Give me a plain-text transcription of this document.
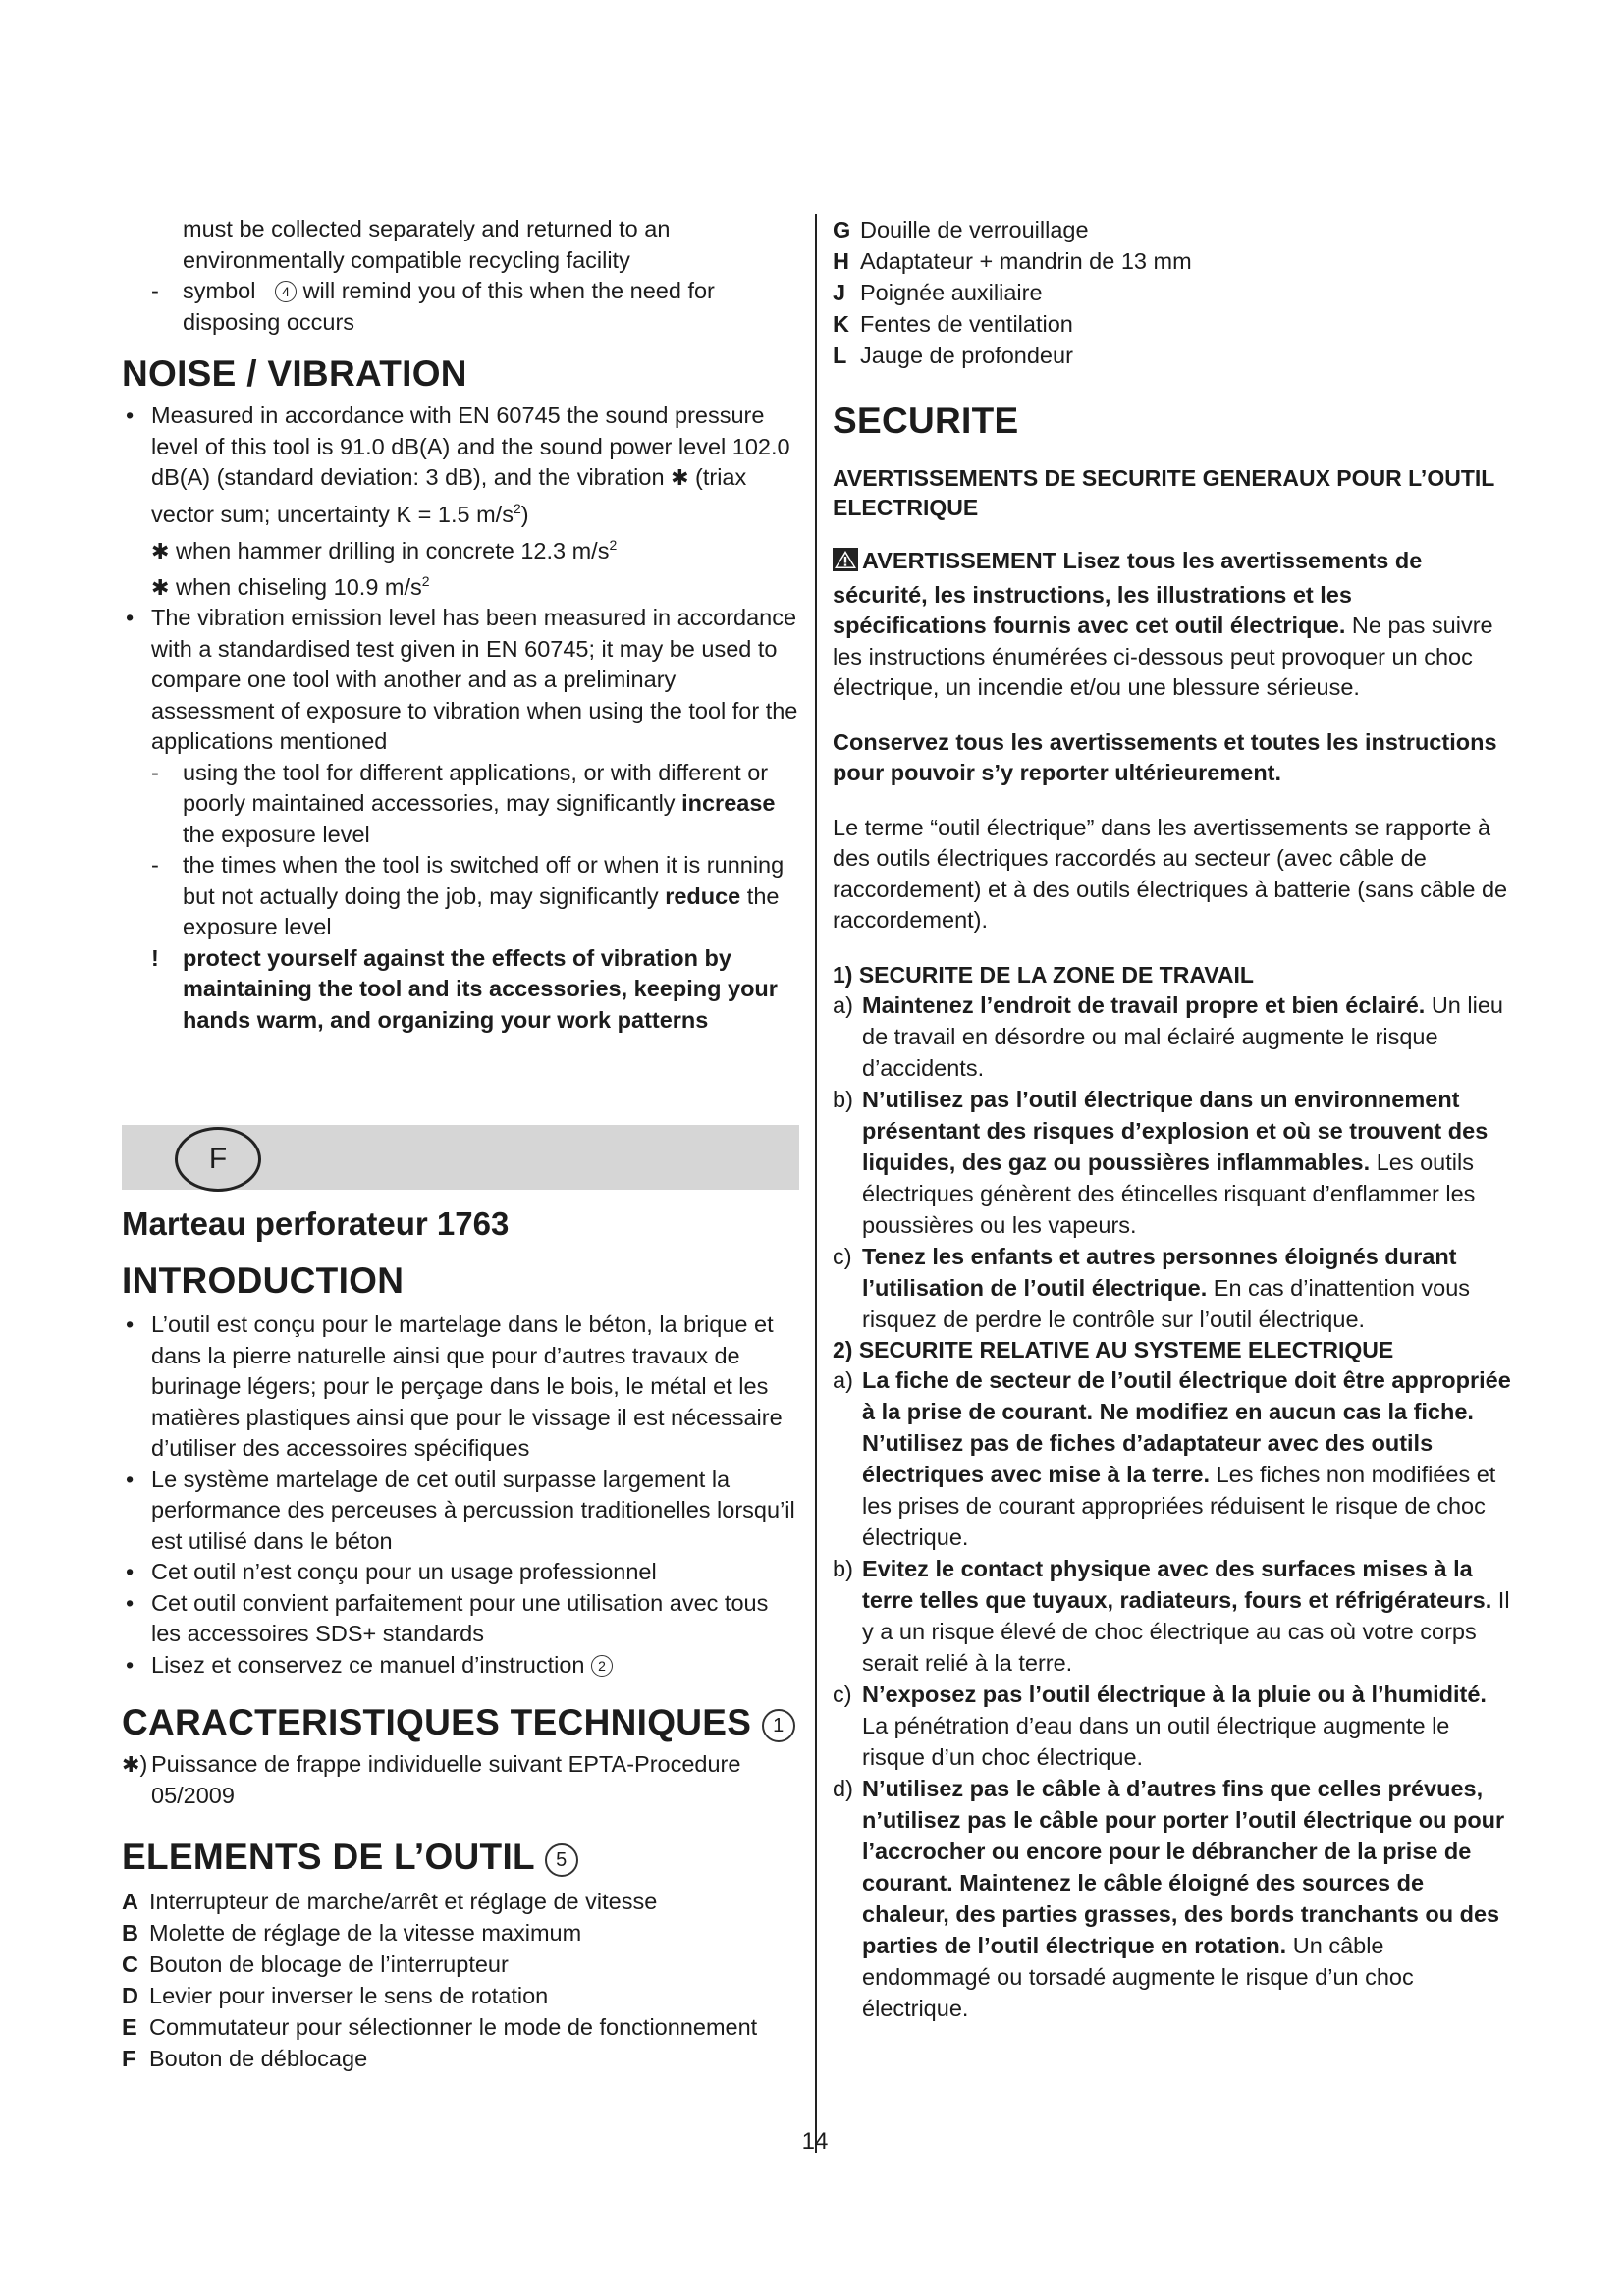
must be collected separately and returned to an environmentally compatible recycling facility

- symbol 4 will remind you of this when the need for disposing occurs
NOISE / VIBRATION
• Measured in accordance with EN 60745 the sound pressure level of this tool is 91.0 dB(A) and the sound power level 102.0 dB(A) (standard deviation: 3 dB), and the vibration ✱ (triax vector sum; uncertainty K = 1.5 $m/s^2$)
✱ when hammer drilling in concrete 12.3 $m/s^2$
✱ when chiseling 10.9 $m/s^2$
• The vibration emission level has been measured in accordance with a standardised test given in EN 60745; it may be used to compare one tool with another and as a preliminary assessment of exposure to vibration when using the tool for the applications mentioned
- using the tool for different applications, or with different or poorly maintained accessories, may significantly increase the exposure level
- the times when the tool is switched off or when it is running but not actually doing the job, may significantly reduce the exposure level
! protect yourself against the effects of vibration by maintaining the tool and its accessories, keeping your hands warm, and organizing your work patterns
F
Marteau perforateur 1763
INTRODUCTION
• L’outil est conçu pour le martelage dans le béton, la brique et dans la pierre naturelle ainsi que pour d’autres travaux de burinage légers; pour le perçage dans le bois, le métal et les matières plastiques ainsi que pour le vissage il est nécessaire d’utiliser des accessoires spécifiques
• Le système martelage de cet outil surpasse largement la performance des perceuses à percussion traditionelles lorsqu’il est utilisé dans le béton
• Cet outil n’est conçu pour un usage professionnel
• Cet outil convient parfaitement pour une utilisation avec tous les accessoires SDS+ standards
• Lisez et conservez ce manuel d’instruction 2
CARACTERISTIQUES TECHNIQUES 1
✱) Puissance de frappe individuelle suivant EPTA-Procedure 05/2009
ELEMENTS DE L’OUTIL 5
A Interrupteur de marche/arrêt et réglage de vitesse
B Molette de réglage de la vitesse maximum
C Bouton de blocage de l’interrupteur
D Levier pour inverser le sens de rotation
E Commutateur pour sélectionner le mode de fonctionnement
F Bouton de déblocage
G Douille de verrouillage
H Adaptateur + mandrin de 13 mm
J Poignée auxiliaire
K Fentes de ventilation
L Jauge de profondeur
SECURITE
AVERTISSEMENTS DE SECURITE GENERAUX POUR L’OUTIL ELECTRIQUE

AVERTISSEMENT Lisez tous les avertissements de sécurité, les instructions, les illustrations et les spécifications fournis avec cet outil électrique. Ne pas suivre les instructions énumérées ci-dessous peut provoquer un choc électrique, un incendie et/ou une blessure sérieuse.

Conservez tous les avertissements et toutes les instructions pour pouvoir s’y reporter ultérieurement.

Le terme “outil électrique” dans les avertissements se rapporte à des outils électriques raccordés au secteur (avec câble de raccordement) et à des outils électriques à batterie (sans câble de raccordement).

1) SECURITE DE LA ZONE DE TRAVAIL
a) Maintenez l’endroit de travail propre et bien éclairé. Un lieu de travail en désordre ou mal éclairé augmente le risque d’accidents.
b) N’utilisez pas l’outil électrique dans un environnement présentant des risques d’explosion et où se trouvent des liquides, des gaz ou poussières inflammables. Les outils électriques génèrent des étincelles risquant d’enflammer les poussières ou les vapeurs.
c) Tenez les enfants et autres personnes éloignés durant l’utilisation de l’outil électrique. En cas d’inattention vous risquez de perdre le contrôle sur l’outil électrique.
2) SECURITE RELATIVE AU SYSTEME ELECTRIQUE
a) La fiche de secteur de l’outil électrique doit être appropriée à la prise de courant. Ne modifiez en aucun cas la fiche. N’utilisez pas de fiches d’adaptateur avec des outils électriques avec mise à la terre. Les fiches non modifiées et les prises de courant appropriées réduisent le risque de choc électrique.
b) Evitez le contact physique avec des surfaces mises à la terre telles que tuyaux, radiateurs, fours et réfrigérateurs. Il y a un risque élevé de choc électrique au cas où votre corps serait relié à la terre.
c) N’exposez pas l’outil électrique à la pluie ou à l’humidité. La pénétration d’eau dans un outil électrique augmente le risque d’un choc électrique.
d) N’utilisez pas le câble à d’autres fins que celles prévues, n’utilisez pas le câble pour porter l’outil électrique ou pour l’accrocher ou encore pour le débrancher de la prise de courant. Maintenez le câble éloigné des sources de chaleur, des parties grasses, des bords tranchants ou des parties de l’outil électrique en rotation. Un câble endommagé ou torsadé augmente le risque d’un choc électrique.
14
